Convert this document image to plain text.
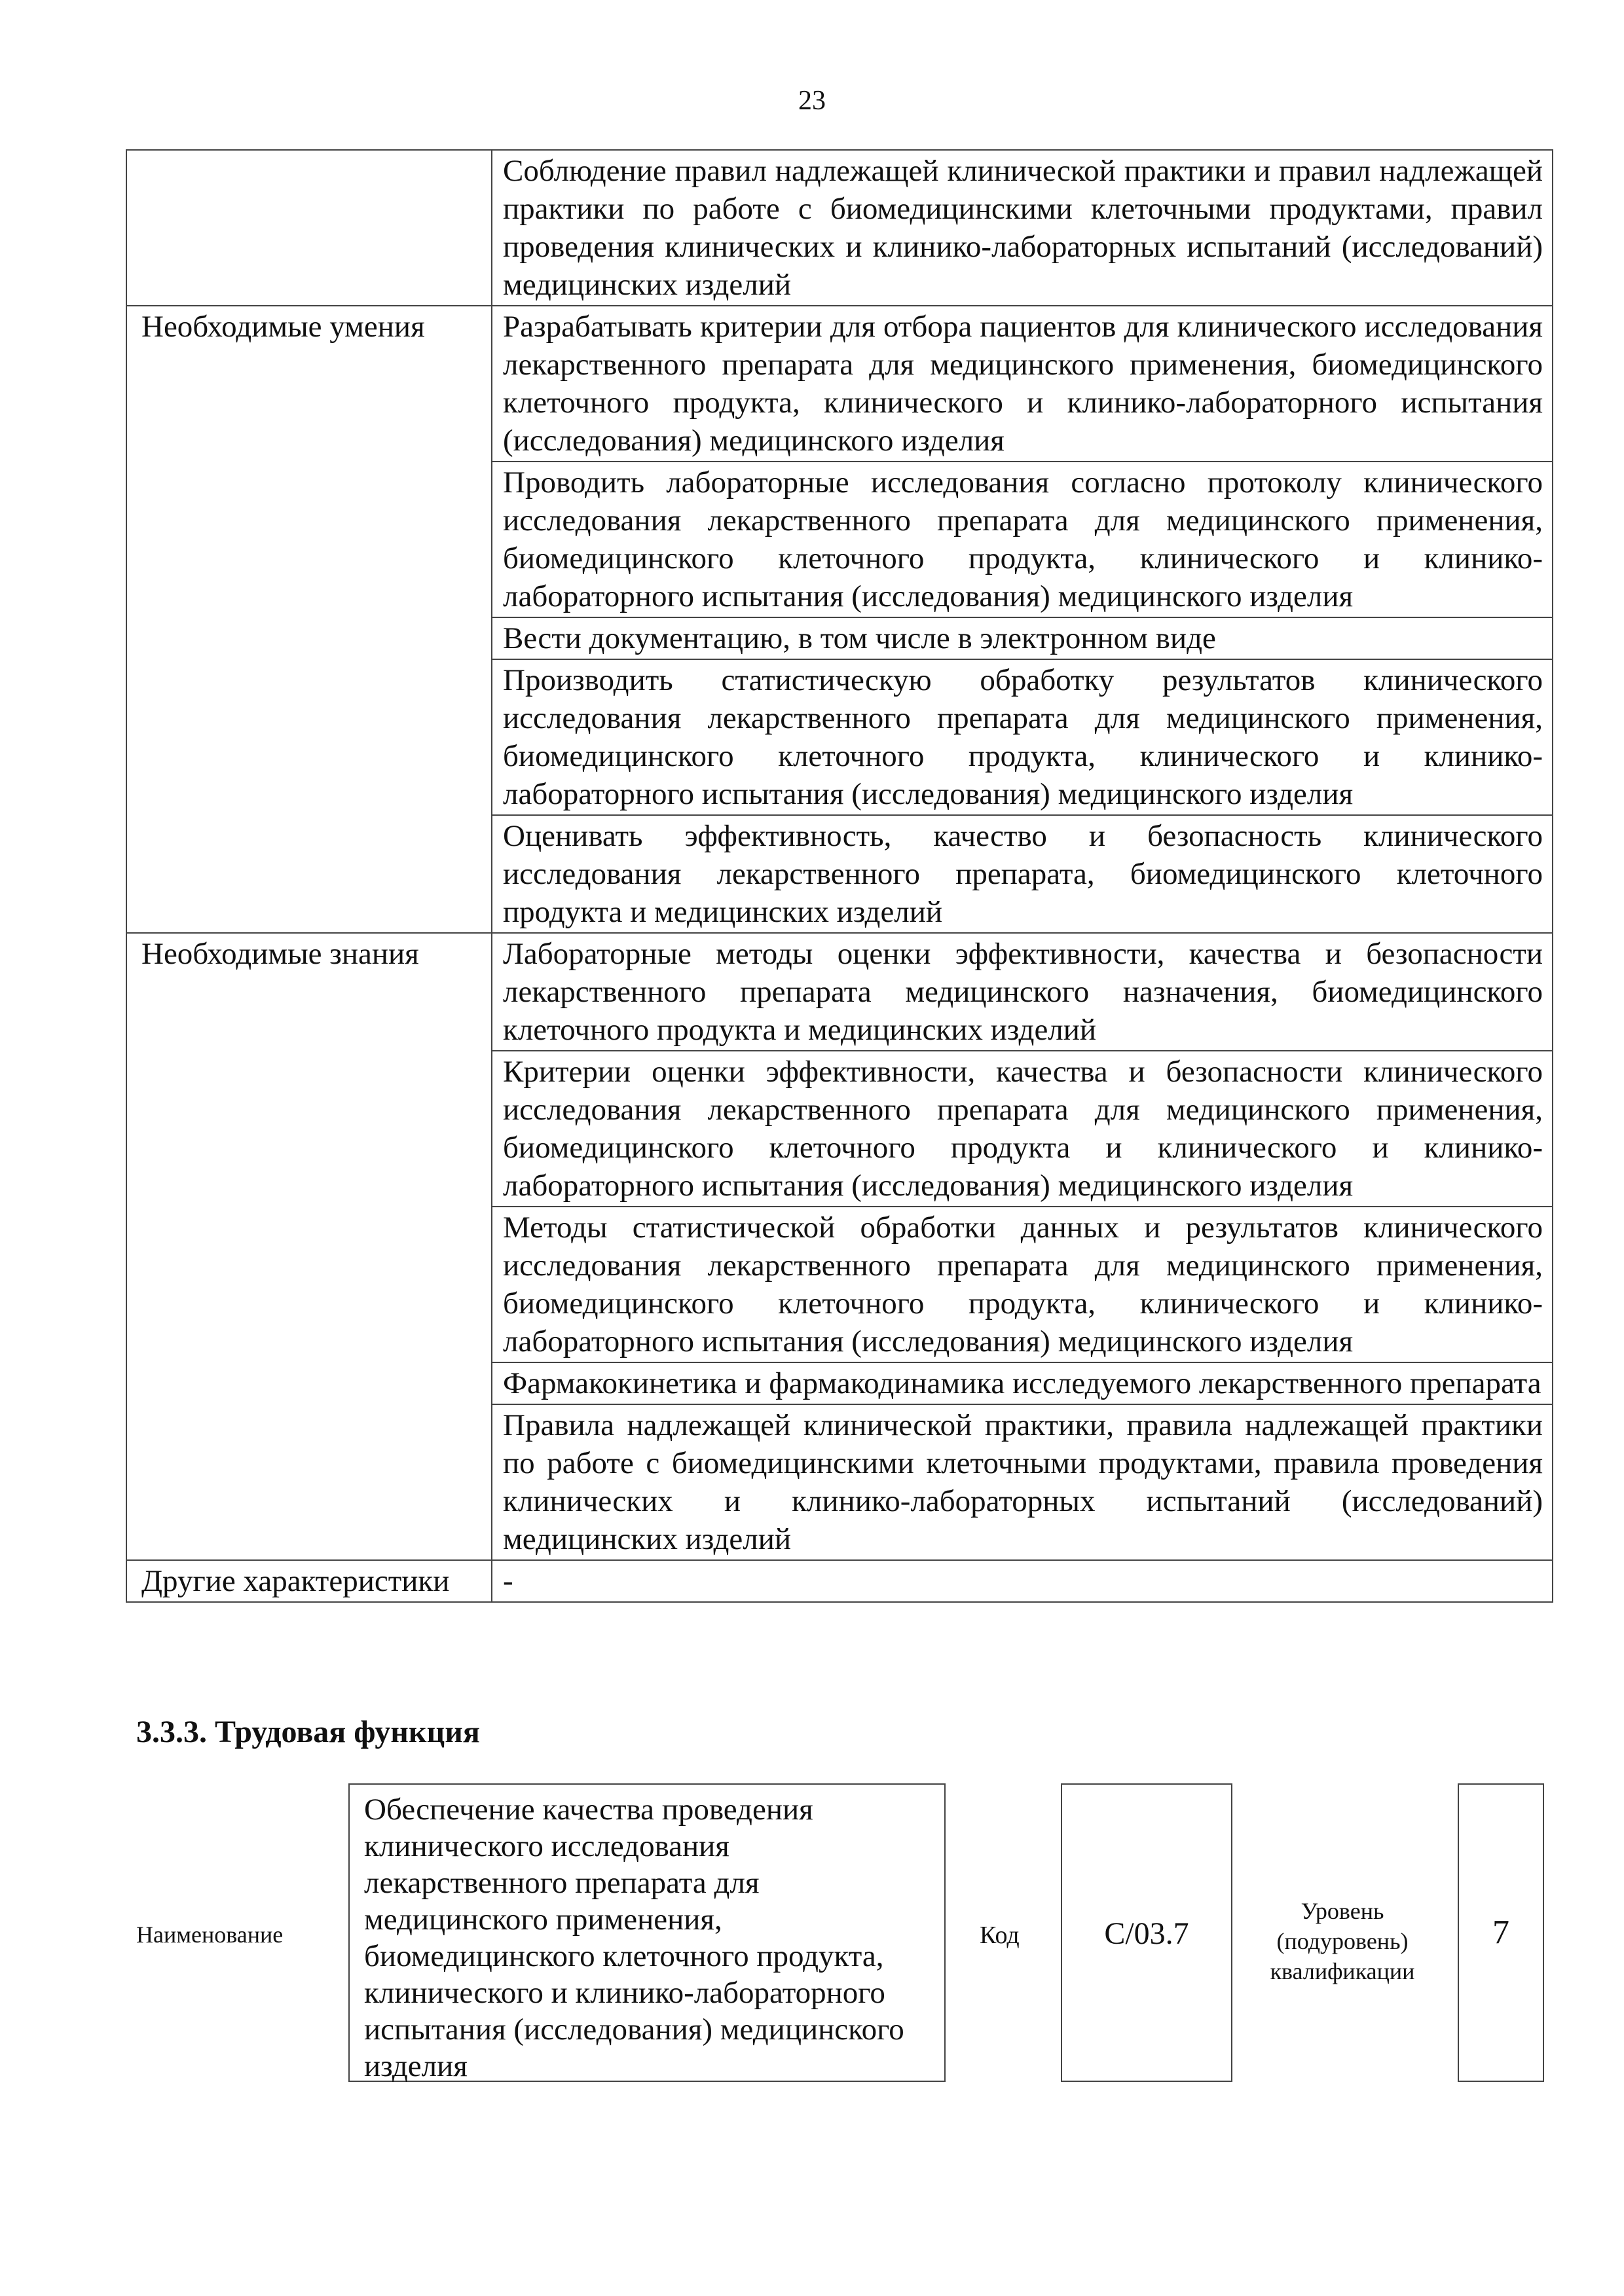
23
	Соблюдение правил надлежащей клинической практики и правил надлежащей практики по работе с биомедицинскими клеточными продуктами, правил проведения клинических и клинико-лабораторных испытаний (исследований) медицинских изделий
Необходимые умения	Разрабатывать критерии для отбора пациентов для клинического исследования лекарственного препарата для медицинского применения, биомедицинского клеточного продукта, клинического и клинико-лабораторного испытания (исследования) медицинского изделия
	Проводить лабораторные исследования согласно протоколу клинического исследования лекарственного препарата для медицинского применения, биомедицинского клеточного продукта, клинического и клинико-лабораторного испытания (исследования) медицинского изделия
	Вести документацию, в том числе в электронном виде
	Производить статистическую обработку результатов клинического исследования лекарственного препарата для медицинского применения, биомедицинского клеточного продукта, клинического и клинико-лабораторного испытания (исследования) медицинского изделия
	Оценивать эффективность, качество и безопасность клинического исследования лекарственного препарата, биомедицинского клеточного продукта и медицинских изделий
Необходимые знания	Лабораторные методы оценки эффективности, качества и безопасности лекарственного препарата медицинского назначения, биомедицинского клеточного продукта и медицинских изделий
	Критерии оценки эффективности, качества и безопасности клинического исследования лекарственного препарата для медицинского применения, биомедицинского клеточного продукта и клинического и клинико-лабораторного испытания (исследования) медицинского изделия
	Методы статистической обработки данных и результатов клинического исследования лекарственного препарата для медицинского применения, биомедицинского клеточного продукта, клинического и клинико-лабораторного испытания (исследования) медицинского изделия
	Фармакокинетика и фармакодинамика исследуемого лекарственного препарата
	Правила надлежащей клинической практики, правила надлежащей практики по работе с биомедицинскими клеточными продуктами, правила проведения клинических и клинико-лабораторных испытаний (исследований) медицинских изделий
Другие характеристики	-
3.3.3. Трудовая функция
Наименование
Обеспечение качества проведения клинического исследования лекарственного препарата для медицинского применения, биомедицинского клеточного продукта, клинического и клинико-лабораторного испытания (исследования) медицинского изделия
Код	C/03.7
Уровень
(подуровень)
квалификации
7
